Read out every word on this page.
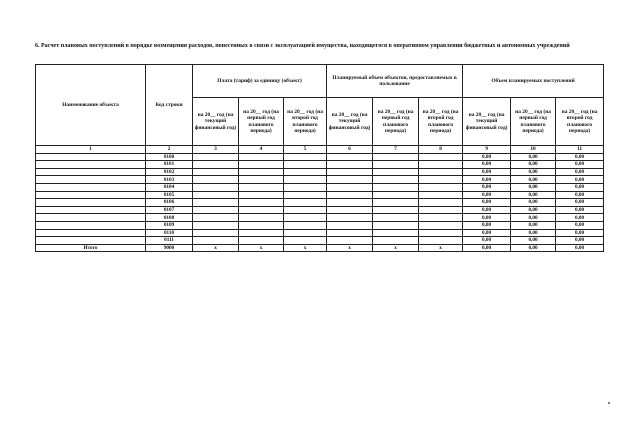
6. Расчет плановых поступлений в порядке возмещения расходов, понесенных в связи с эксплуатацией имущества, находящегося в оперативном управлении бюджетных и автономных учреждений
Наименование объекта	Код строки	Плата (тариф) за единицу (объект)			Планируемый объем объектов, предоставляемых в пользование			Объем планируемых поступлений		
		на 20__ год (на текущий финансовый год)	на 20__ год (на первый год планового периода)	на 20__ год (на второй год планового периода)	на 20__ год (на текущий финансовый год)	на 20__ год (на первый год планового периода)	на 20__ год (на второй год планового периода)	на 20__ год (на текущий финансовый год)	на 20__ год (на первый год планового периода)	на 20__ год (на второй год планового периода)
1	2	3	4	5	6	7	8	9	10	11
	0100							0,00	0,00	0,00
	0101							0,00	0,00	0,00
	0102							0,00	0,00	0,00
	0103							0,00	0,00	0,00
	0104							0,00	0,00	0,00
	0105							0,00	0,00	0,00
	0106							0,00	0,00	0,00
	0107							0,00	0,00	0,00
	0108							0,00	0,00	0,00
	0109							0,00	0,00	0,00
	0110							0,00	0,00	0,00
	0111							0,00	0,00	0,00
Итого	9000	x	x	x	x	x	x	0,00	0,00	0,00
